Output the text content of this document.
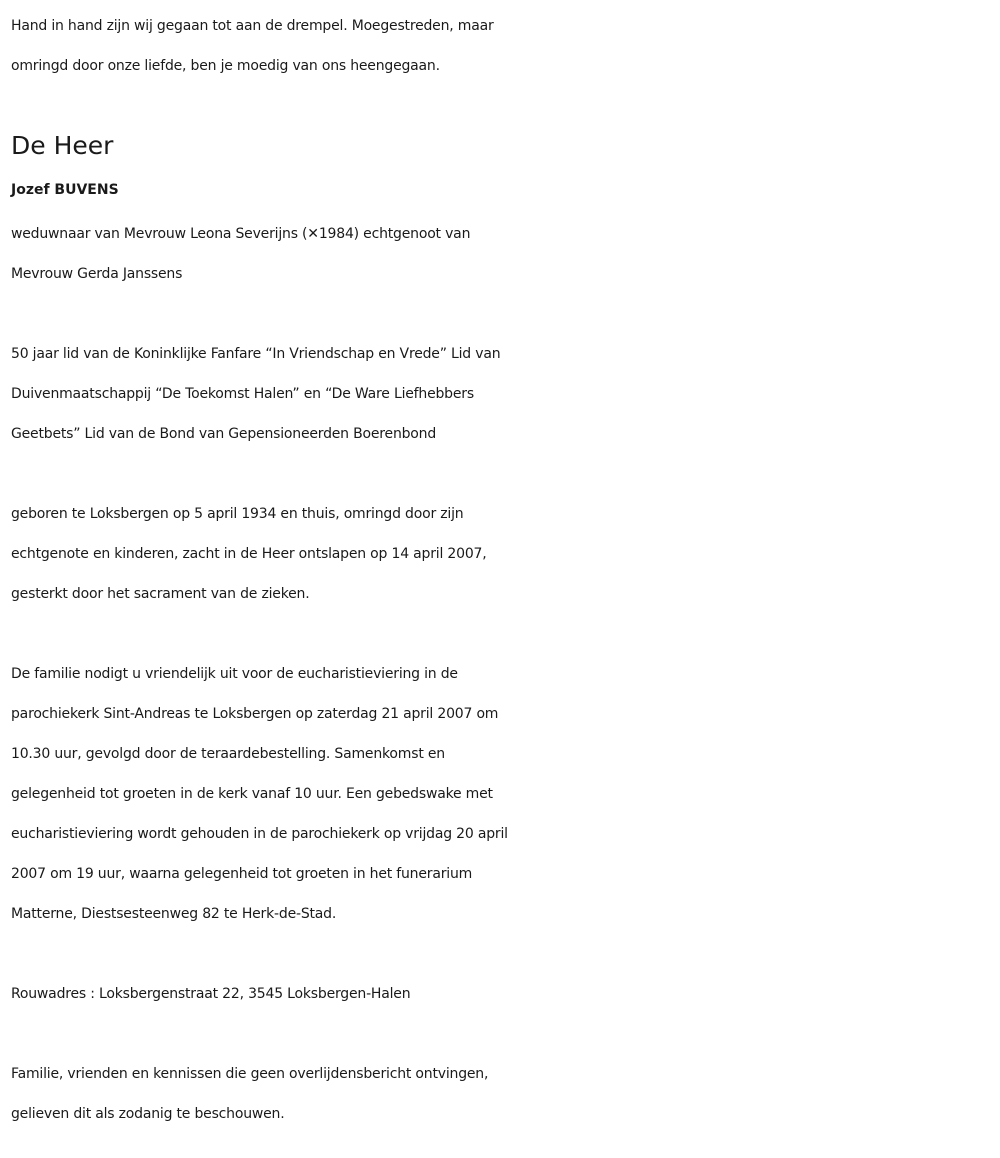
Hand in hand zijn wij gegaan tot aan de drempel. Moegestreden, maar
omringd door onze liefde, ben je moedig van ons heengegaan.
De Heer
Jozef BUVENS
weduwnaar van Mevrouw Leona Severijns (✕1984) echtgenoot van
Mevrouw Gerda Janssens
50 jaar lid van de Koninklijke Fanfare “In Vriendschap en Vrede” Lid van
Duivenmaatschappij “De Toekomst Halen” en “De Ware Liefhebbers
Geetbets” Lid van de Bond van Gepensioneerden Boerenbond
geboren te Loksbergen op 5 april 1934 en thuis, omringd door zijn
echtgenote en kinderen, zacht in de Heer ontslapen op 14 april 2007,
gesterkt door het sacrament van de zieken.
De familie nodigt u vriendelijk uit voor de eucharistieviering in de
parochiekerk Sint-Andreas te Loksbergen op zaterdag 21 april 2007 om
10.30 uur, gevolgd door de teraardebestelling. Samenkomst en
gelegenheid tot groeten in de kerk vanaf 10 uur. Een gebedswake met
eucharistieviering wordt gehouden in de parochiekerk op vrijdag 20 april
2007 om 19 uur, waarna gelegenheid tot groeten in het funerarium
Matterne, Diestsesteenweg 82 te Herk-de-Stad.
Rouwadres : Loksbergenstraat 22, 3545 Loksbergen-Halen
Familie, vrienden en kennissen die geen overlijdensbericht ontvingen,
gelieven dit als zodanig te beschouwen.
